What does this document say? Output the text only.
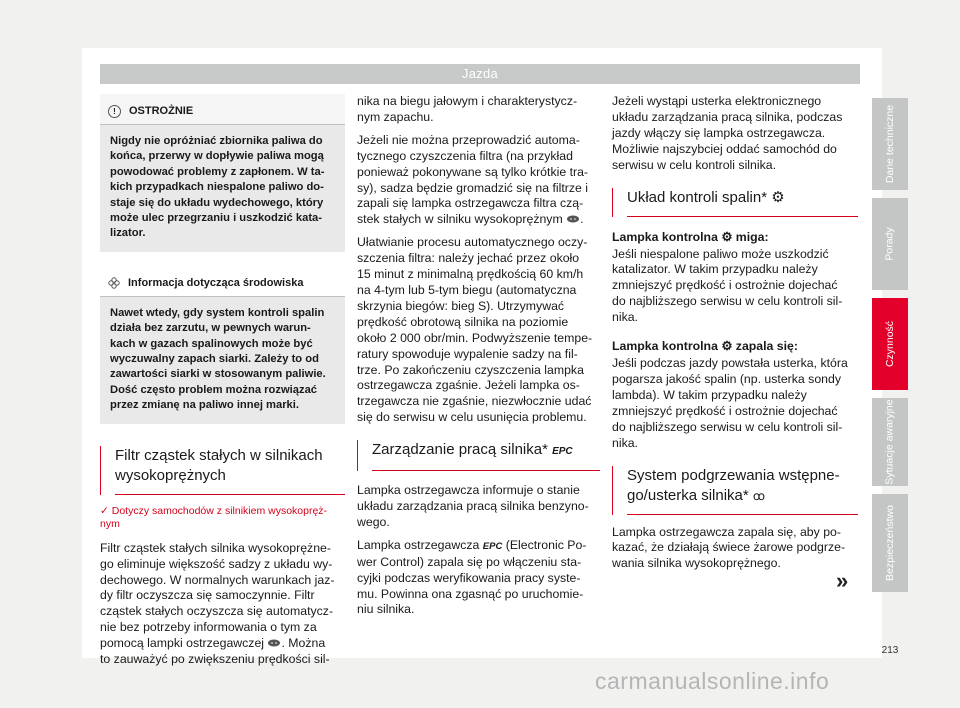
Jazda
!	OSTROŻNIE
Nigdy nie opróżniać zbiornika paliwa do
końca, przerwy w dopływie paliwa mogą
powodować problemy z zapłonem. W ta-
kich przypadkach niespalone paliwo do-
staje się do układu wydechowego, który
może ulec przegrzaniu i uszkodzić kata-
lizator.
Informacja dotycząca środowiska
Nawet wtedy, gdy system kontroli spalin
działa bez zarzutu, w pewnych warun-
kach w gazach spalinowych może być
wyczuwalny zapach siarki. Zależy to od
zawartości siarki w stosowanym paliwie.
Dość często problem można rozwiązać
przez zmianę na paliwo innej marki.
Filtr cząstek stałych w silnikach
wysokoprężnych
✓ Dotyczy samochodów z silnikiem wysokopręż-
nym

Filtr cząstek stałych silnika wysokoprężne-
go eliminuje większość sadzy z układu wy-
dechowego. W normalnych warunkach jaz-
dy filtr oczyszcza się samoczynnie. Filtr
cząstek stałych oczyszcza się automatycz-
nie bez potrzeby informowania o tym za
pomocą lampki ostrzegawczej . Można
to zauważyć po zwiększeniu prędkości sil-

nika na biegu jałowym i charakterystycz-
nym zapachu.

Jeżeli nie można przeprowadzić automa-
tycznego czyszczenia filtra (na przykład
ponieważ pokonywane są tylko krótkie tra-
sy), sadza będzie gromadzić się na filtrze i
zapali się lampka ostrzegawcza filtra czą-
stek stałych w silniku wysokoprężnym .

Ułatwianie procesu automatycznego oczy-
szczenia filtra: należy jechać przez około
15 minut z minimalną prędkością 60 km/h
na 4-tym lub 5-tym biegu (automatyczna
skrzynia biegów: bieg S). Utrzymywać
prędkość obrotową silnika na poziomie
około 2 000 obr/min. Podwyższenie tempe-
ratury spowoduje wypalenie sadzy na fil-
trze. Po zakończeniu czyszczenia lampka
ostrzegawcza zgaśnie. Jeżeli lampka os-
trzegawcza nie zgaśnie, niezwłocznie udać
się do serwisu w celu usunięcia problemu.

Zarządzanie pracą silnika* EPC

Lampka ostrzegawcza informuje o stanie
układu zarządzania pracą silnika benzyno-
wego.

Lampka ostrzegawcza EPC (Electronic Po-
wer Control) zapala się po włączeniu sta-
cyjki podczas weryfikowania pracy syste-
mu. Powinna ona zgasnąć po uruchomie-
niu silnika.

Jeżeli wystąpi usterka elektronicznego
układu zarządzania pracą silnika, podczas
jazdy włączy się lampka ostrzegawcza.
Możliwie najszybciej oddać samochód do
serwisu w celu kontroli silnika.

Układ kontroli spalin* ⚙
Lampka kontrolna ⚙ miga:

Jeśli niespalone paliwo może uszkodzić
katalizator. W takim przypadku należy
zmniejszyć prędkość i ostrożnie dojechać
do najbliższego serwisu w celu kontroli sil-
nika.

Lampka kontrolna ⚙ zapala się:

Jeśli podczas jazdy powstała usterka, która
pogarsza jakość spalin (np. usterka sondy
lambda). W takim przypadku należy
zmniejszyć prędkość i ostrożnie dojechać
do najbliższego serwisu w celu kontroli sil-
nika.

System podgrzewania wstępne-
go/usterka silnika* ꝏ

Lampka ostrzegawcza zapala się, aby po-
kazać, że działają świece żarowe podgrze-
wania silnika wysokoprężnego.

»
Dane techniczne
Porady
Czynność
Sytuacje awaryjne
Bezpieczeństwo
213
carmanualsonline.info
